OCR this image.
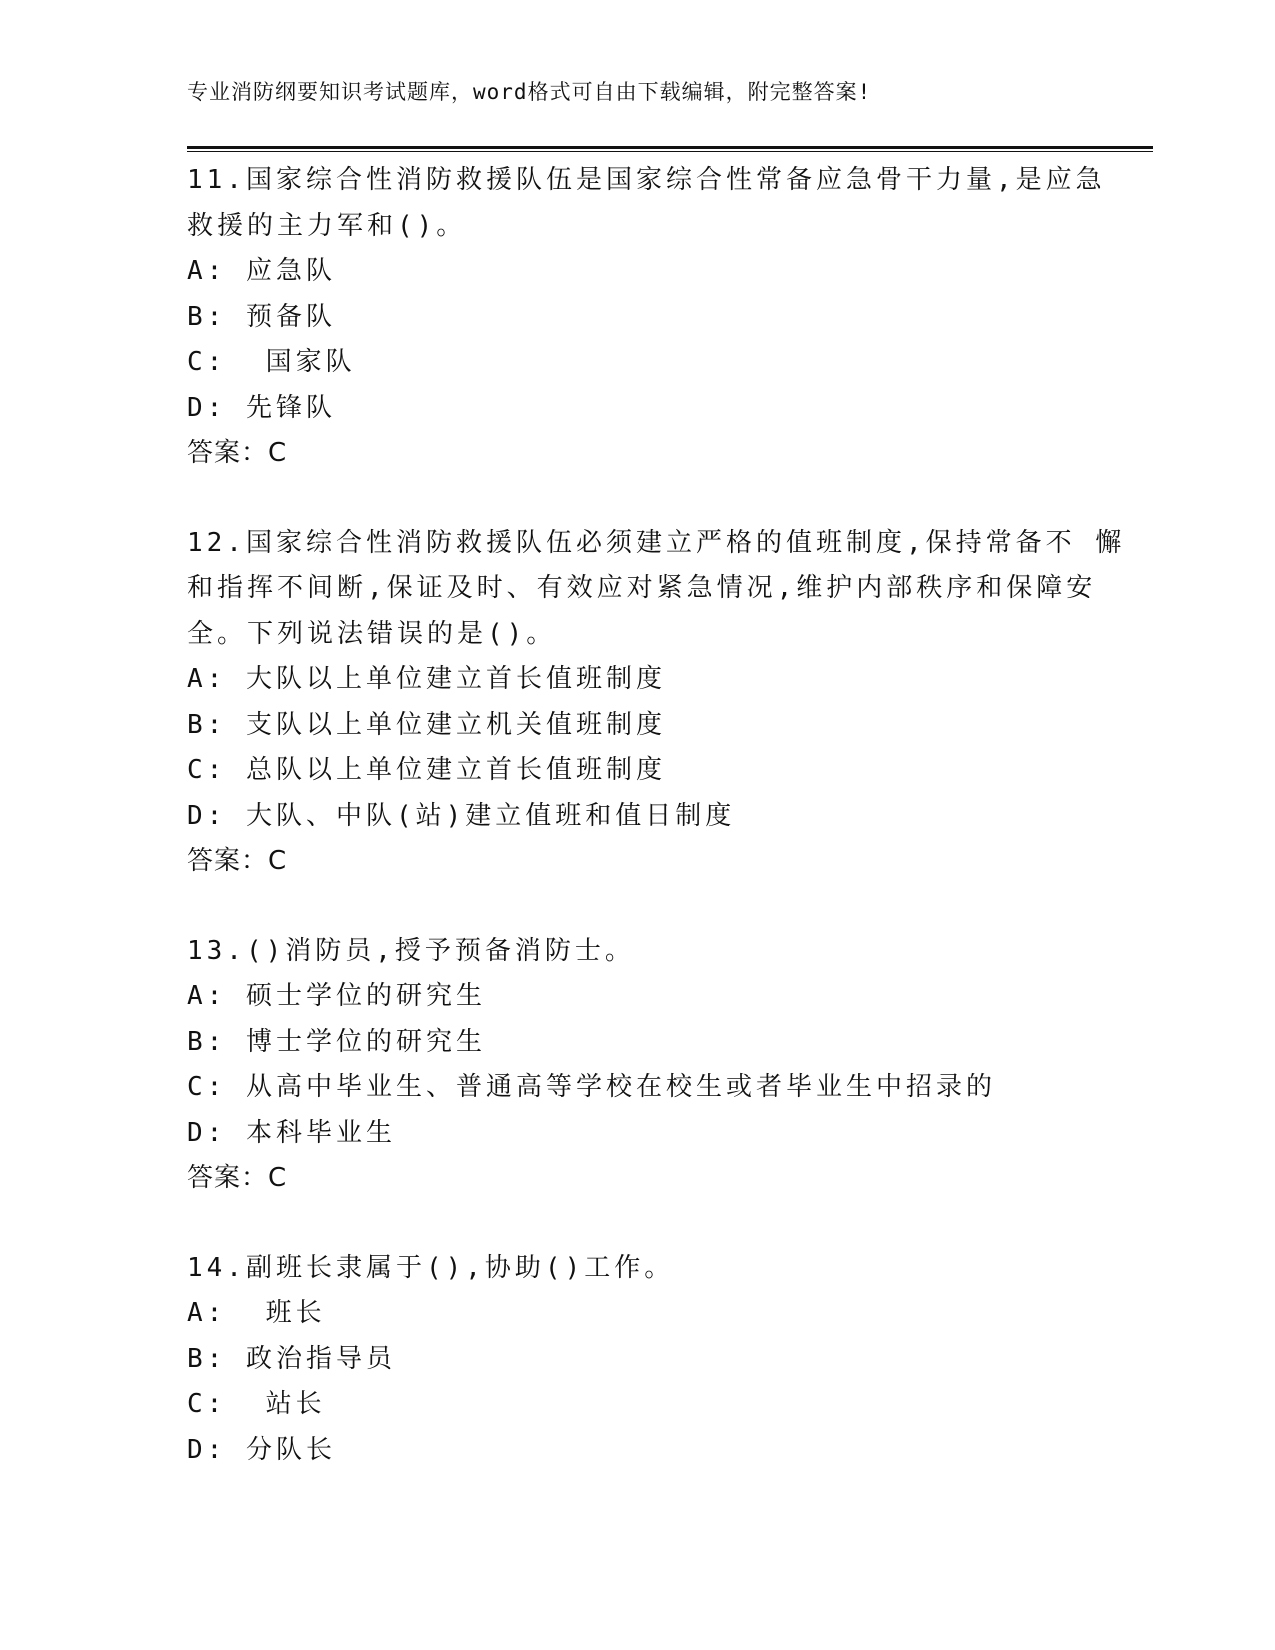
专业消防纲要知识考试题库，word格式可自由下载编辑，附完整答案!
11.国家综合性消防救援队伍是国家综合性常备应急骨干力量,是应急
救援的主力军和()。
A: 应急队
B: 预备队
C:  国家队
D: 先锋队
答案：C
12.国家综合性消防救援队伍必须建立严格的值班制度,保持常备不 懈
和指挥不间断,保证及时、有效应对紧急情况,维护内部秩序和保障安
全。下列说法错误的是()。
A: 大队以上单位建立首长值班制度
B: 支队以上单位建立机关值班制度
C: 总队以上单位建立首长值班制度
D: 大队、中队(站)建立值班和值日制度
答案：C
13.()消防员,授予预备消防士。
A: 硕士学位的研究生
B: 博士学位的研究生
C: 从高中毕业生、普通高等学校在校生或者毕业生中招录的
D: 本科毕业生
答案：C
14.副班长隶属于(),协助()工作。
A:  班长
B: 政治指导员
C:  站长
D: 分队长
